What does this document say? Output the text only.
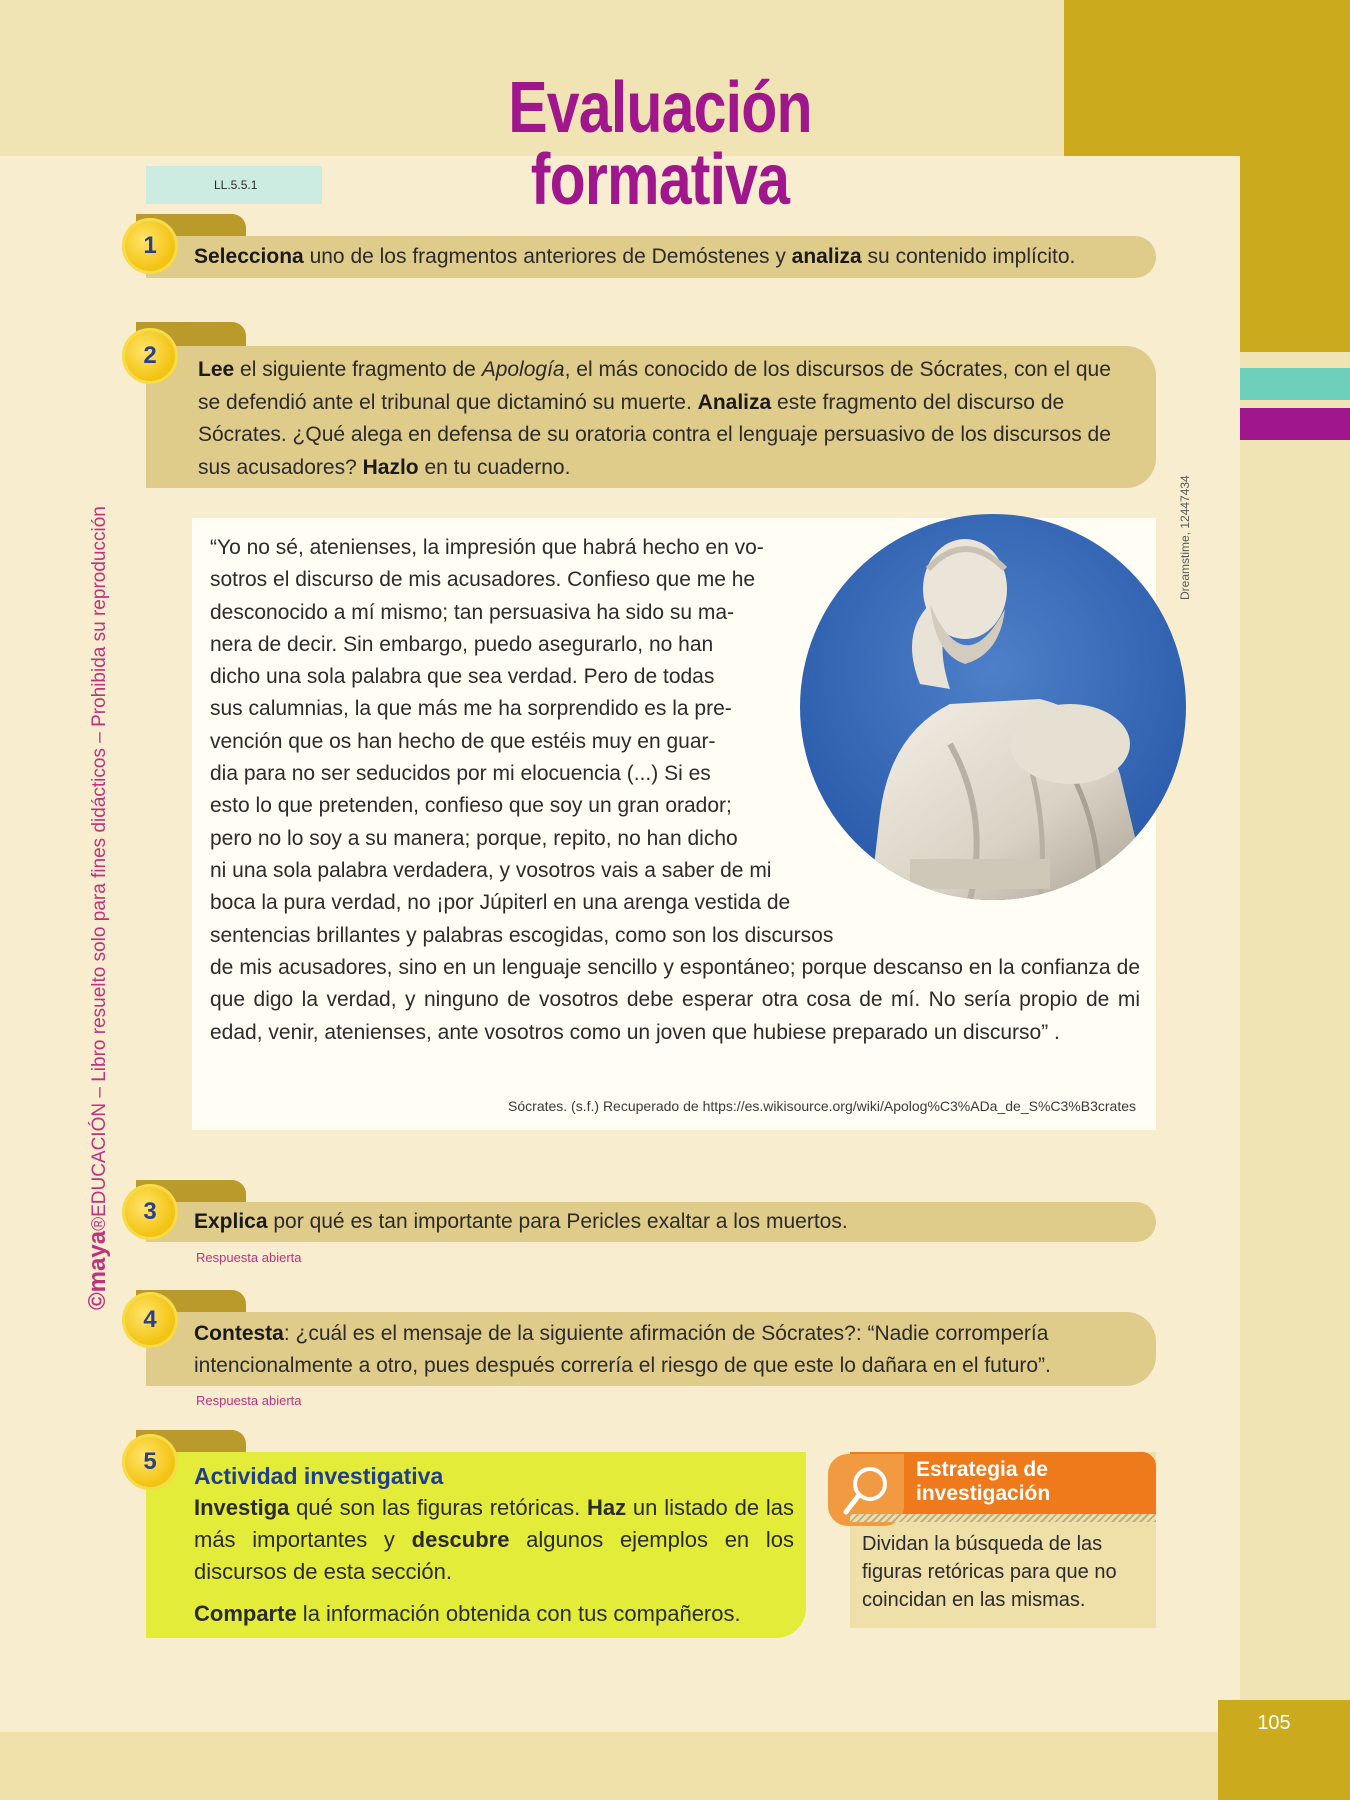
105
Evaluación formativa
LL.5.5.1
©maya®EDUCACIÓN – Libro resuelto solo para fines didácticos – Prohibida su reproducción
Selecciona uno de los fragmentos anteriores de Demóstenes y analiza su contenido implícito.
1
Lee el siguiente fragmento de Apología, el más conocido de los discursos de Sócrates, con el que se defendió ante el tribunal que dictaminó su muerte. Analiza este fragmento del discurso de Sócrates. ¿Qué alega en defensa de su oratoria contra el lenguaje persuasivo de los discursos de sus acusadores? Hazlo en tu cuaderno.
2
“Yo no sé, atenienses, la impresión que habrá hecho en vo-
sotros el discurso de mis acusadores. Confieso que me he
desconocido a mí mismo; tan persuasiva ha sido su ma-
nera de decir. Sin embargo, puedo asegurarlo, no han
dicho una sola palabra que sea verdad. Pero de todas
sus calumnias, la que más me ha sorprendido es la pre-
vención que os han hecho de que estéis muy en guar-
dia para no ser seducidos por mi elocuencia (...) Si es
esto lo que pretenden, confieso que soy un gran orador;
pero no lo soy a su manera; porque, repito, no han dicho
ni una sola palabra verdadera, y vosotros vais a saber de mi
boca la pura verdad, no ¡por Júpiterl en una arenga vestida de
sentencias brillantes y palabras escogidas, como son los discursos
de mis acusadores, sino en un lenguaje sencillo y espontáneo; porque descanso en la confianza de que digo la verdad, y ninguno de vosotros debe esperar otra cosa de mí. No sería propio de mi edad, venir, atenienses, ante vosotros como un joven que hubiese preparado un discurso” .
Sócrates. (s.f.) Recuperado de https://es.wikisource.org/wiki/Apolog%C3%ADa_de_S%C3%B3crates
Dreamstime, 12447434
Explica por qué es tan importante para Pericles exaltar a los muertos.
3
Respuesta abierta
Contesta: ¿cuál es el mensaje de la siguiente afirmación de Sócrates?: “Nadie corrompería intencionalmente a otro, pues después correría el riesgo de que este lo dañara en el futuro”.
4
Respuesta abierta
Actividad investigativa
Investiga qué son las figuras retóricas. Haz un listado de las más importantes y descubre algunos ejemplos en los discursos de esta sección.
Comparte la información obtenida con tus compañeros.
5	Estrategia de investigación
Dividan la búsqueda de las figuras retóricas para que no coincidan en las mismas.
